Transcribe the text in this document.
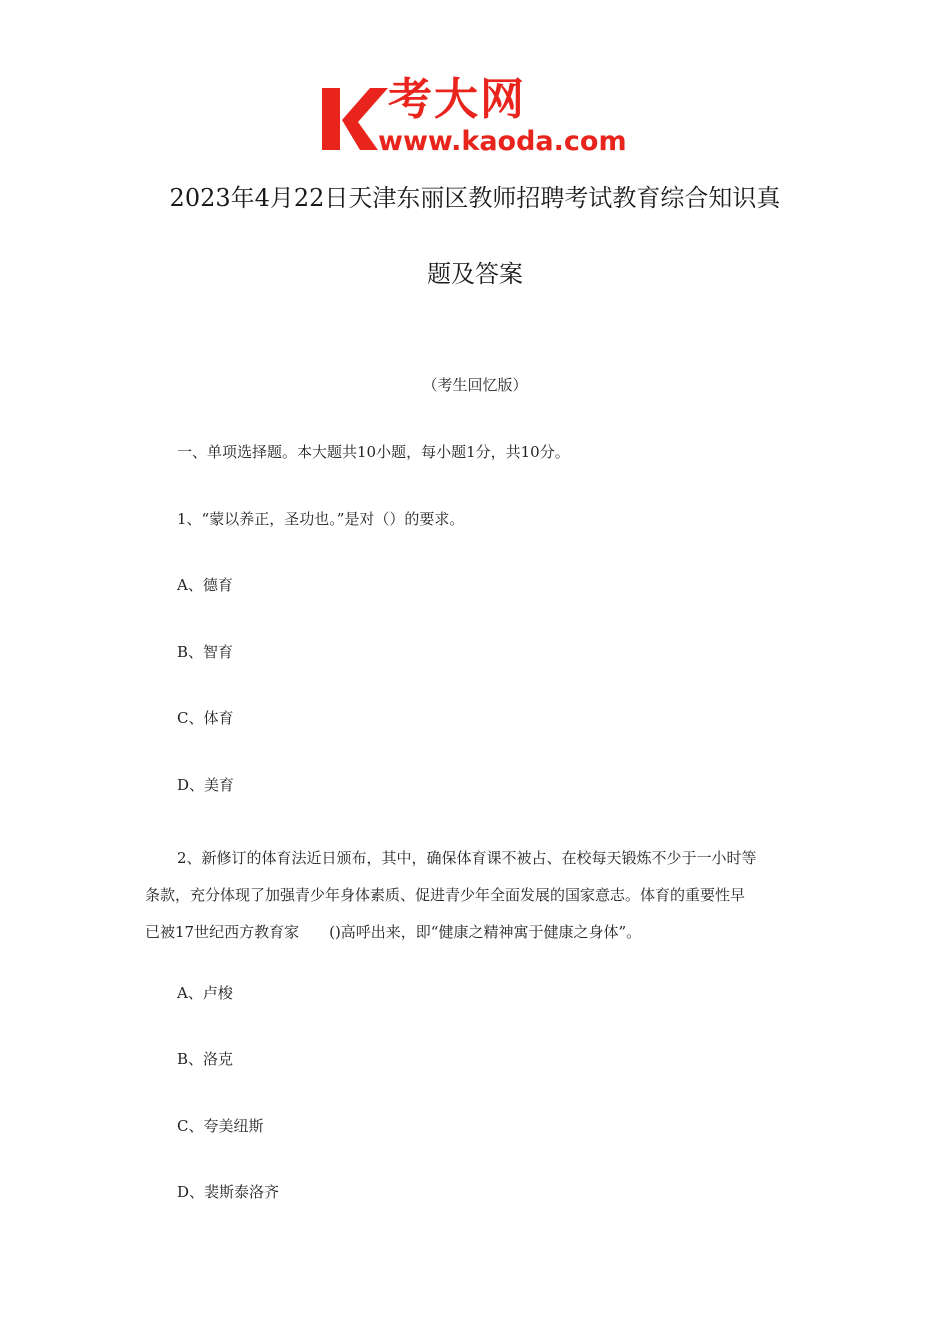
考大网
www.kaoda.com
2023年4月22日天津东丽区教师招聘考试教育综合知识真
题及答案
（考生回忆版）
一、单项选择题。本大题共10小题，每小题1分，共10分。
1、“蒙以养正，圣功也。”是对（）的要求。
A、德育
B、智育
C、体育
D、美育
2、新修订的体育法近日颁布，其中，确保体育课不被占、在校每天锻炼不少于一小时等
条款，充分体现了加强青少年身体素质、促进青少年全面发展的国家意志。体育的重要性早
已被17世纪西方教育家 ()高呼出来，即“健康之精神寓于健康之身体”。
A、卢梭
B、洛克
C、夸美纽斯
D、裴斯泰洛齐
